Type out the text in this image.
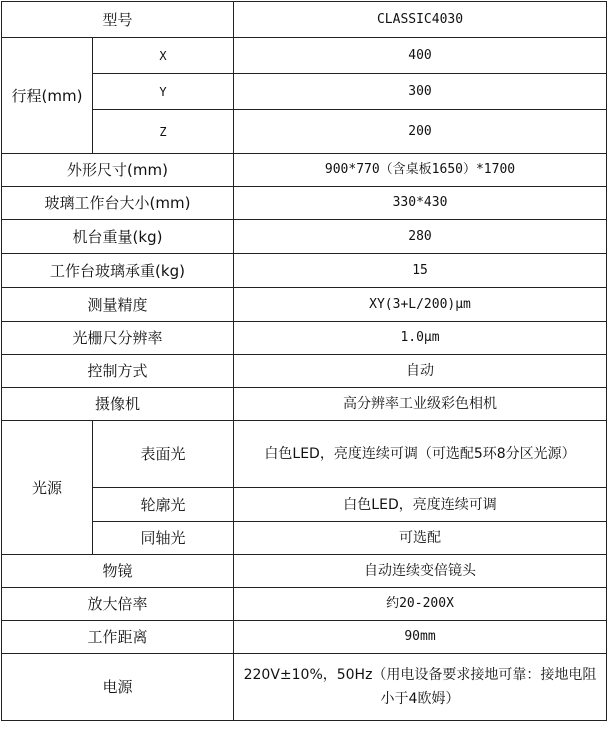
型号		CLASSIC4030
行程(mm)	X	400
	Y	300
	Z	200
外形尺寸(mm)		900*770（含桌板1650）*1700
玻璃工作台大小(mm)		330*430
机台重量(kg)		280
工作台玻璃承重(kg)		15
测量精度		XY(3+L/200)μm
光栅尺分辨率		1.0μm
控制方式		自动
摄像机		高分辨率工业级彩色相机
光源	表面光	白色LED，亮度连续可调（可选配5环8分区光源）
	轮廓光	白色LED，亮度连续可调
	同轴光	可选配
物镜		自动连续变倍镜头
放大倍率		约20-200X
工作距离		90mm
电源		220V±10%，50Hz（用电设备要求接地可靠：接地电阻小于4欧姆）
